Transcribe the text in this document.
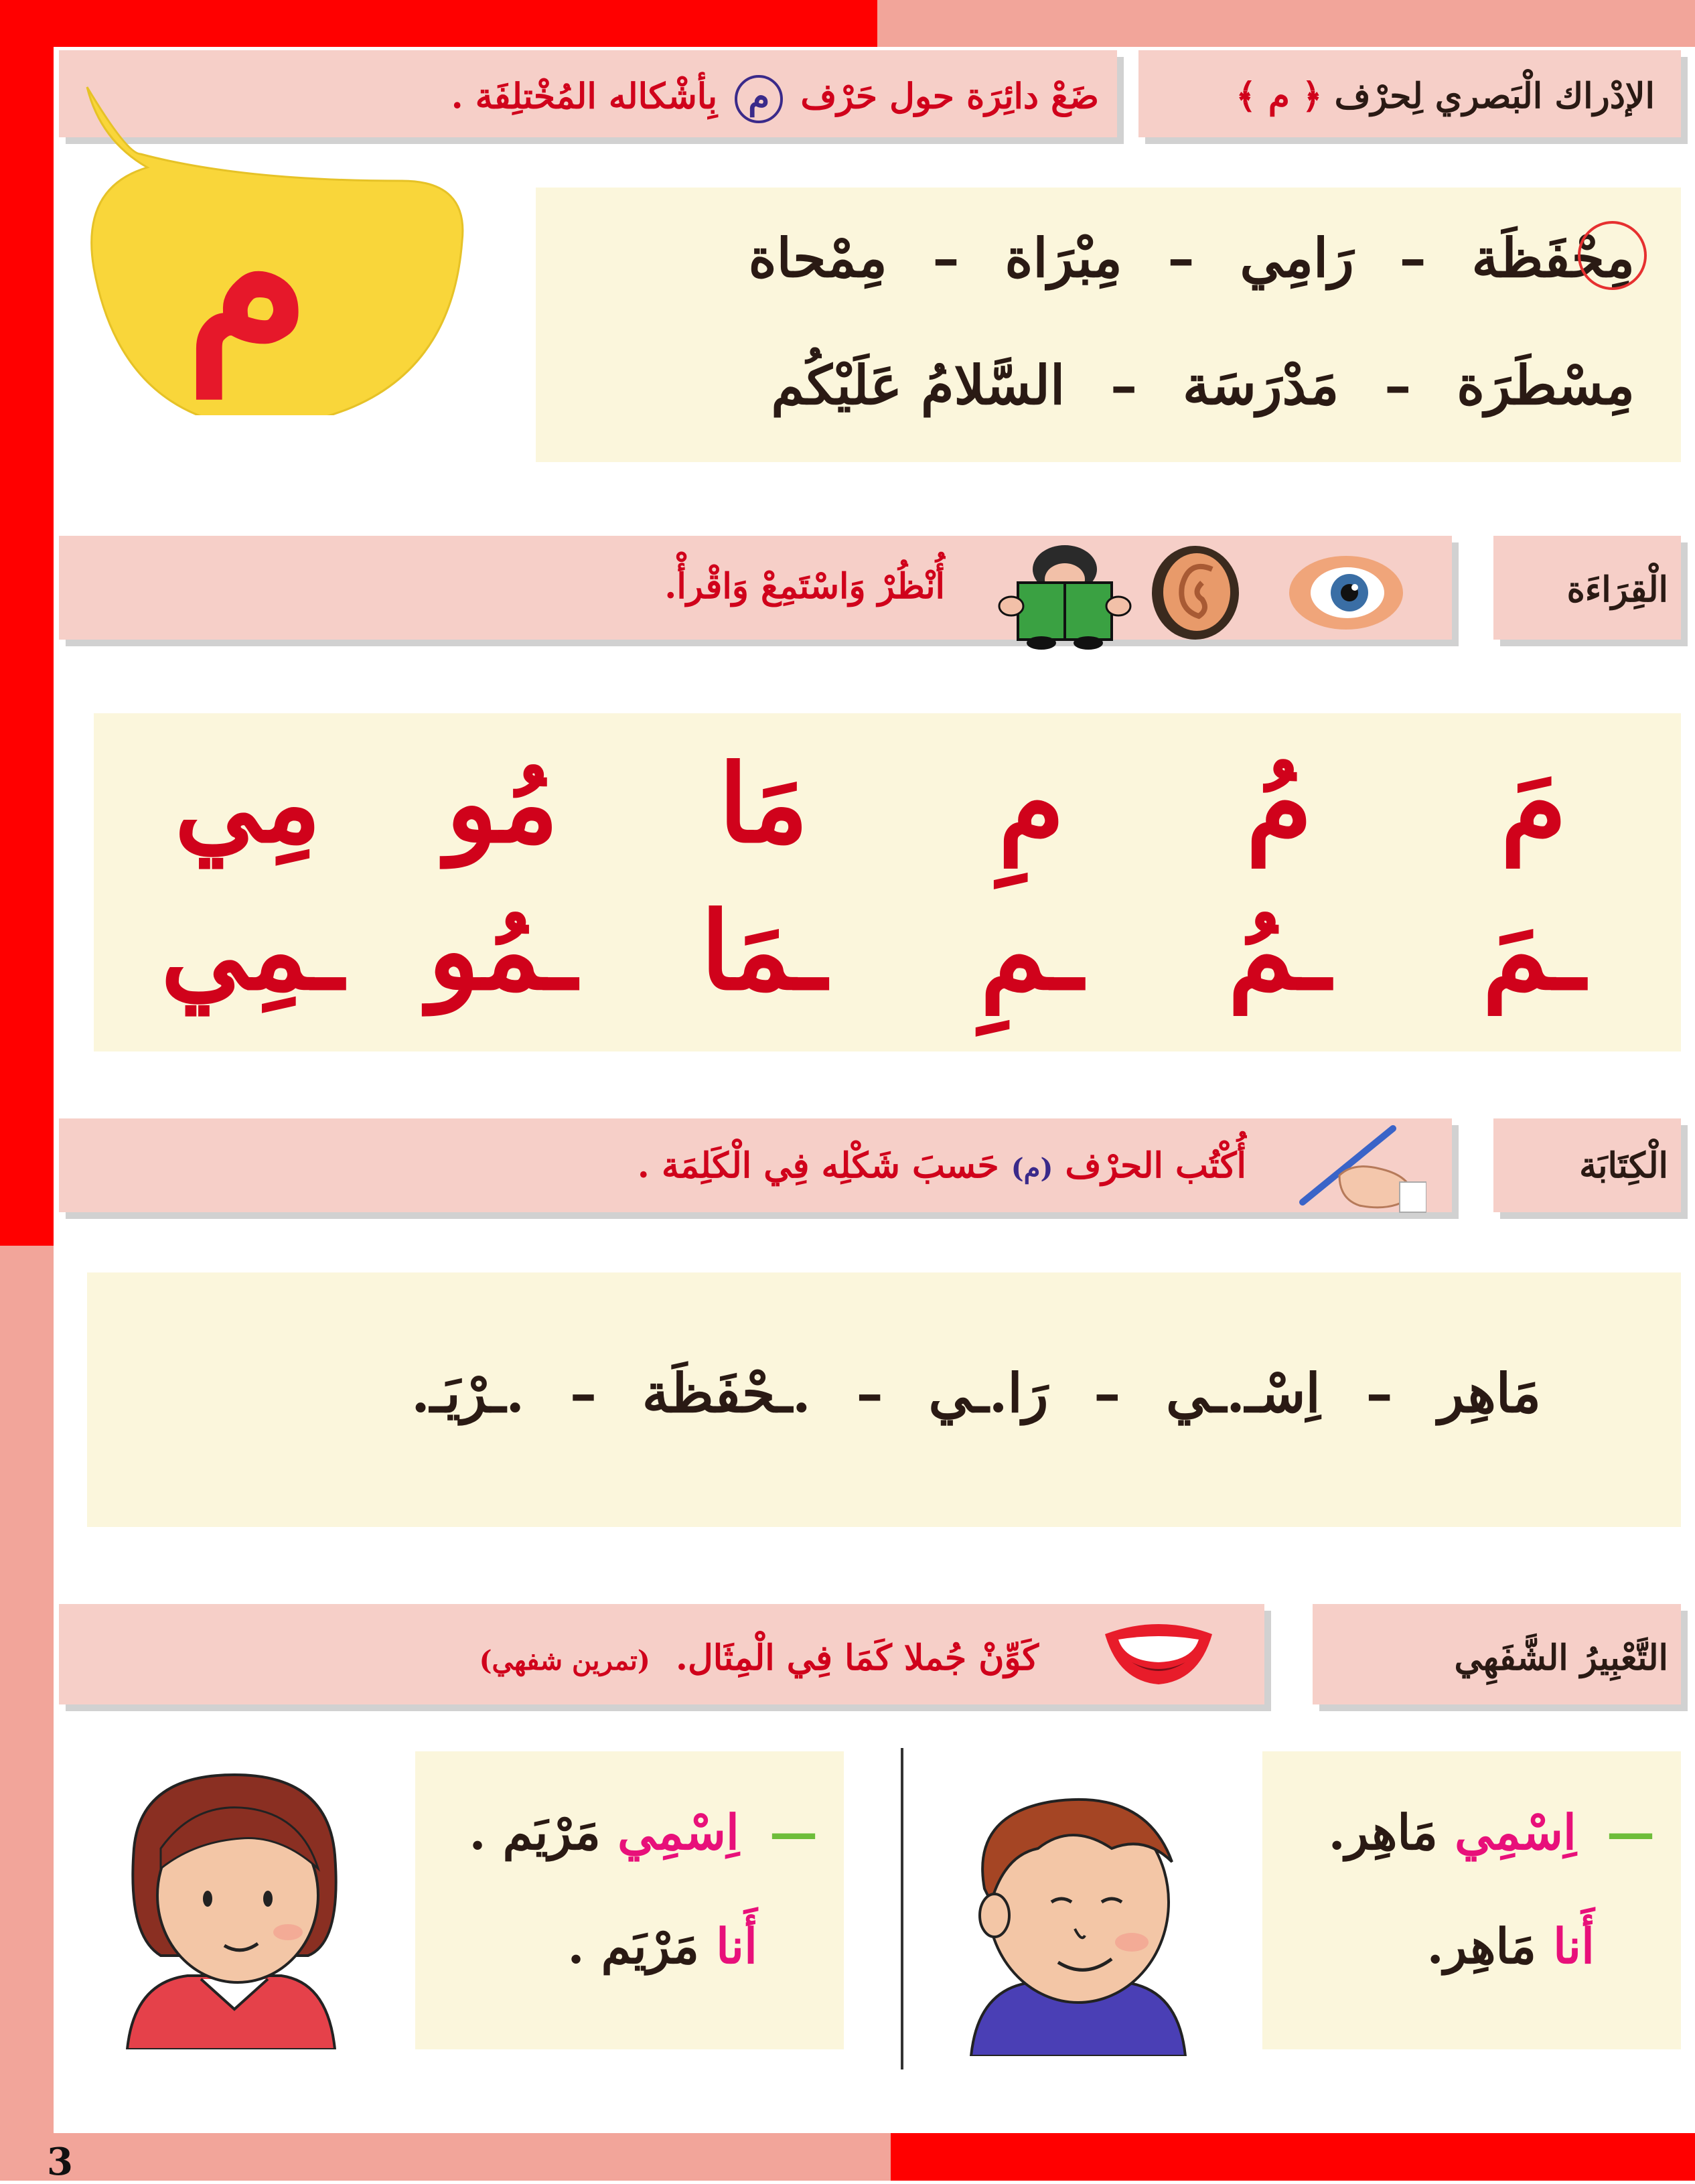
الإدْراك الْبَصري لِحرْف ﴿ م ﴾
ضَعْ دائِرَة حول حَرْف م بِأشْكاله المُخْتلِفَة .
م	مِحْفَظَة – رَامِي – مِبْرَاة – مِمْحاة
مِسْطَرَة – مَدْرَسَة – السَّلامُ عَلَيْكُم
الْقِرَاءَة
أُنْظُرْ وَاسْتَمِعْ وَاقْرأْ.
مَ
مُ
مِ
مَا
مُو
مِي
ـمَ
ـمُ
ـمِ
ـمَا
ـمُو
ـمِي
الْكِتَابَة
أُكْتُب الحرْف (م) حَسبَ شَكْلِه فِي الْكَلِمَة .
مَاهِر – اِسْـ.ـي – رَا.ـي – .ـحْفَظَة – .ـرْيَـ.
التَّعْبِيرُ الشَّفَهِي
كَوِّنْ جُملا كَمَا فِي الْمِثَال. (تمرين شفهي)
— اِسْمِي مَاهِر.
أَنا مَاهِر.
— اِسْمِي مَرْيَم .
أَنا مَرْيَم .
3
